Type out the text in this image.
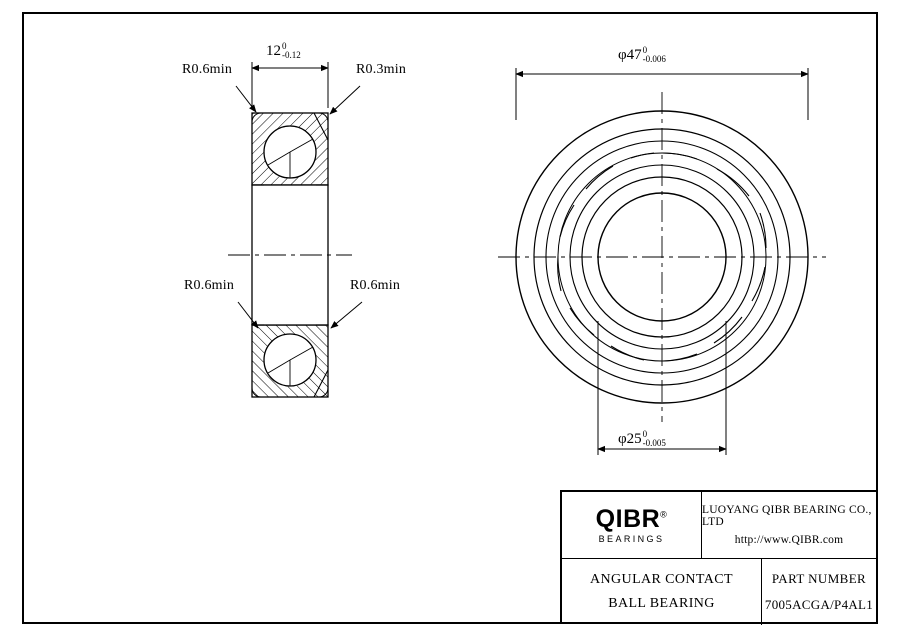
R0.6min	R0.3min
R0.6min	R0.6min
12 0
-0.12	φ47 0
-0.006
φ25 0
-0.005
QIBR®
BEARINGS
LUOYANG QIBR BEARING CO., LTD
http://www.QIBR.com
ANGULAR CONTACT
BALL BEARING
PART NUMBER
7005ACGA/P4AL1
